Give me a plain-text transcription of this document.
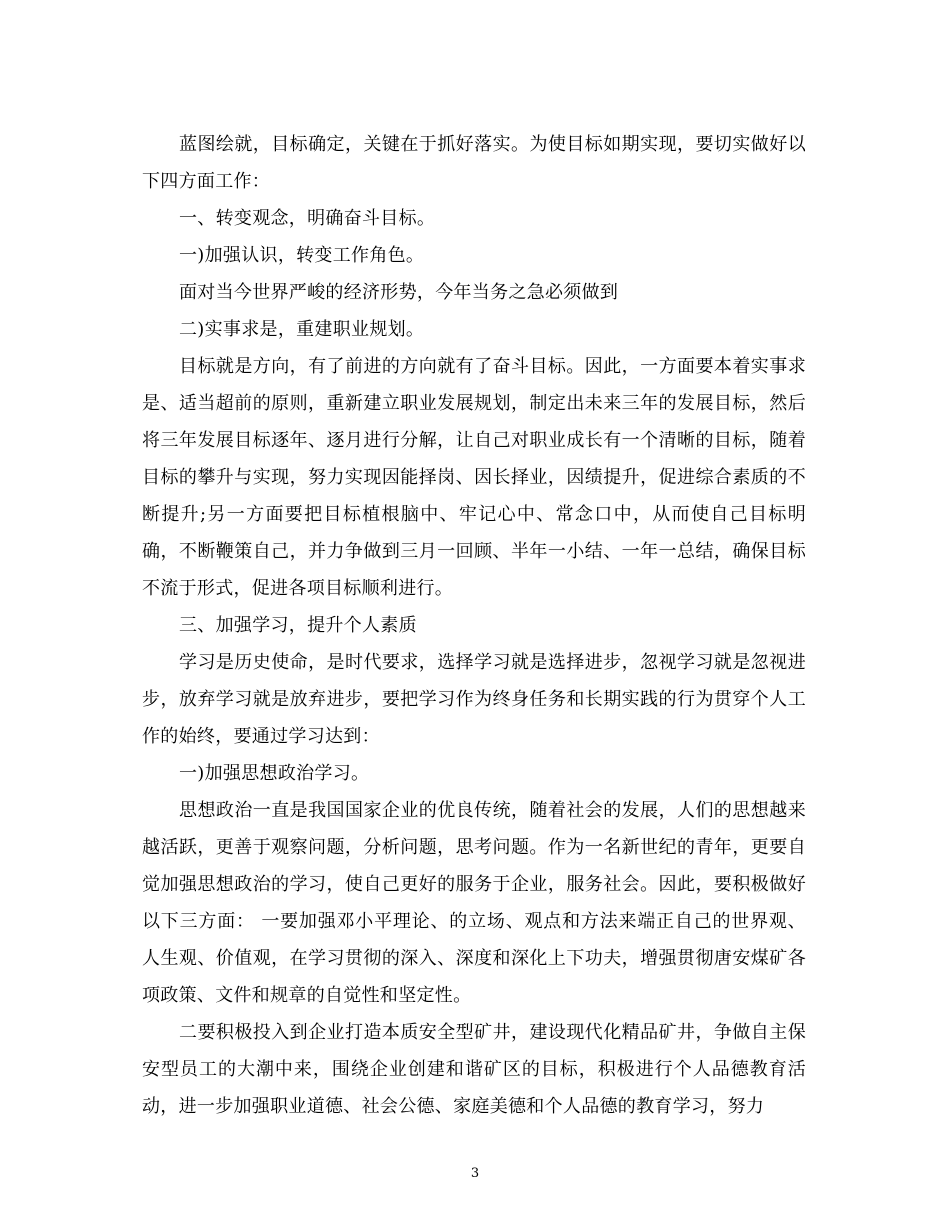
蓝图绘就，目标确定，关键在于抓好落实。为使目标如期实现，要切实做好以下四方面工作：

一、转变观念，明确奋斗目标。

一)加强认识，转变工作角色。

面对当今世界严峻的经济形势，今年当务之急必须做到

二)实事求是，重建职业规划。

目标就是方向，有了前进的方向就有了奋斗目标。因此，一方面要本着实事求是、适当超前的原则，重新建立职业发展规划，制定出未来三年的发展目标，然后将三年发展目标逐年、逐月进行分解，让自己对职业成长有一个清晰的目标，随着目标的攀升与实现，努力实现因能择岗、因长择业，因绩提升，促进综合素质的不断提升;另一方面要把目标植根脑中、牢记心中、常念口中，从而使自己目标明确，不断鞭策自己，并力争做到三月一回顾、半年一小结、一年一总结，确保目标不流于形式，促进各项目标顺利进行。

三、加强学习，提升个人素质

学习是历史使命，是时代要求，选择学习就是选择进步，忽视学习就是忽视进步，放弃学习就是放弃进步，要把学习作为终身任务和长期实践的行为贯穿个人工作的始终，要通过学习达到：

一)加强思想政治学习。

思想政治一直是我国国家企业的优良传统，随着社会的发展，人们的思想越来越活跃，更善于观察问题，分析问题，思考问题。作为一名新世纪的青年，更要自觉加强思想政治的学习，使自己更好的服务于企业，服务社会。因此，要积极做好以下三方面： 一要加强邓小平理论、的立场、观点和方法来端正自己的世界观、人生观、价值观，在学习贯彻的深入、深度和深化上下功夫，增强贯彻唐安煤矿各项政策、文件和规章的自觉性和坚定性。

二要积极投入到企业打造本质安全型矿井，建设现代化精品矿井，争做自主保安型员工的大潮中来，围绕企业创建和谐矿区的目标，积极进行个人品德教育活动，进一步加强职业道德、社会公德、家庭美德和个人品德的教育学习，努力

3
